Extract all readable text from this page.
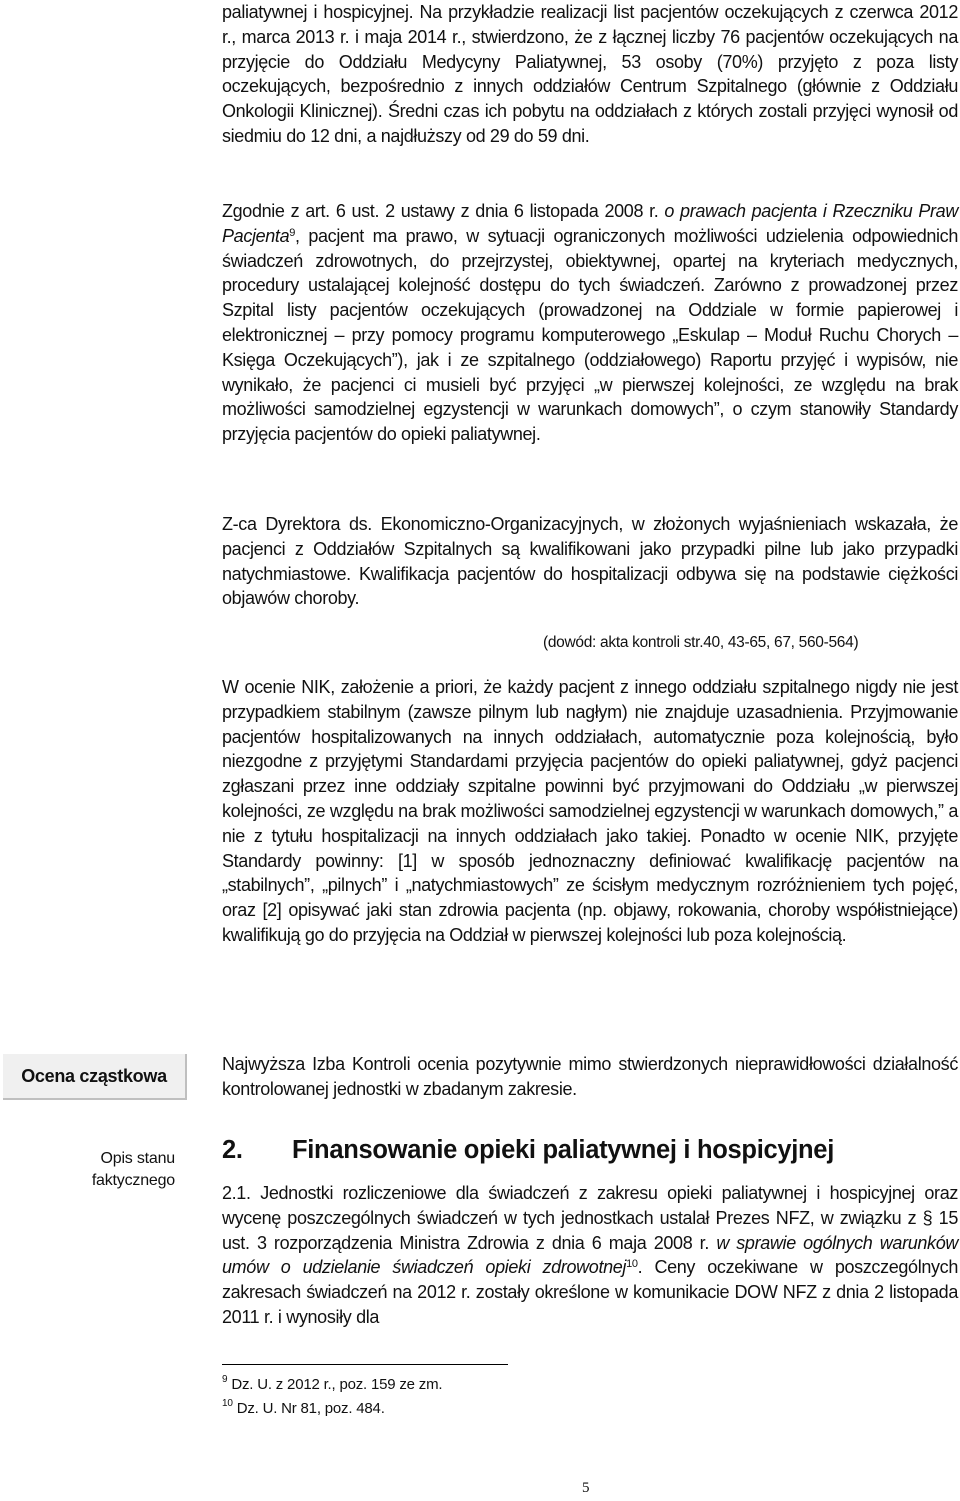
paliatywnej i hospicyjnej. Na przykładzie realizacji list pacjentów oczekujących z czerwca 2012 r., marca 2013 r. i maja 2014 r., stwierdzono, że z łącznej liczby 76 pacjentów oczekujących na przyjęcie do Oddziału Medycyny Paliatywnej, 53 osoby (70%) przyjęto z poza listy oczekujących, bezpośrednio z innych oddziałów Centrum Szpitalnego (głównie z Oddziału Onkologii Klinicznej). Średni czas ich pobytu na oddziałach z których zostali przyjęci wynosił od siedmiu do 12 dni, a najdłuższy od 29 do 59 dni.

Zgodnie z art. 6 ust. 2 ustawy z dnia 6 listopada 2008 r. o prawach pacjenta i Rzeczniku Praw Pacjenta$^9$, pacjent ma prawo, w sytuacji ograniczonych możliwości udzielenia odpowiednich świadczeń zdrowotnych, do przejrzystej, obiektywnej, opartej na kryteriach medycznych, procedury ustalającej kolejność dostępu do tych świadczeń. Zarówno z prowadzonej przez Szpital listy pacjentów oczekujących (prowadzonej na Oddziale w formie papierowej i elektronicznej – przy pomocy programu komputerowego „Eskulap – Moduł Ruchu Chorych – Księga Oczekujących”), jak i ze szpitalnego (oddziałowego) Raportu przyjęć i wypisów, nie wynikało, że pacjenci ci musieli być przyjęci „w pierwszej kolejności, ze względu na brak możliwości samodzielnej egzystencji w warunkach domowych”, o czym stanowiły Standardy przyjęcia pacjentów do opieki paliatywnej.

Z-ca Dyrektora ds. Ekonomiczno-Organizacyjnych, w złożonych wyjaśnieniach wskazała, że pacjenci z Oddziałów Szpitalnych są kwalifikowani jako przypadki pilne lub jako przypadki natychmiastowe. Kwalifikacja pacjentów do hospitalizacji odbywa się na podstawie ciężkości objawów choroby.

(dowód: akta kontroli str.40, 43-65, 67, 560-564)

W ocenie NIK, założenie a priori, że każdy pacjent z innego oddziału szpitalnego nigdy nie jest przypadkiem stabilnym (zawsze pilnym lub nagłym) nie znajduje uzasadnienia. Przyjmowanie pacjentów hospitalizowanych na innych oddziałach, automatycznie poza kolejnością, było niezgodne z przyjętymi Standardami przyjęcia pacjentów do opieki paliatywnej, gdyż pacjenci zgłaszani przez inne oddziały szpitalne powinni być przyjmowani do Oddziału „w pierwszej kolejności, ze względu na brak możliwości samodzielnej egzystencji w warunkach domowych,” a nie z tytułu hospitalizacji na innych oddziałach jako takiej. Ponadto w ocenie NIK, przyjęte Standardy powinny: [1] w sposób jednoznaczny definiować kwalifikację pacjentów na „stabilnych”, „pilnych” i „natychmiastowych” ze ścisłym medycznym rozróżnieniem tych pojęć, oraz [2] opisywać jaki stan zdrowia pacjenta (np. objawy, rokowania, choroby współistniejące) kwalifikują go do przyjęcia na Oddział w pierwszej kolejności lub poza kolejnością.

Ocena cząstkowa

Najwyższa Izba Kontroli ocenia pozytywnie mimo stwierdzonych nieprawidłowości działalność kontrolowanej jednostki w zbadanym zakresie.

2. Finansowanie opieki paliatywnej i hospicyjnej
Opis stanu
faktycznego

2.1. Jednostki rozliczeniowe dla świadczeń z zakresu opieki paliatywnej i hospicyjnej oraz wycenę poszczególnych świadczeń w tych jednostkach ustalał Prezes NFZ, w związku z § 15 ust. 3 rozporządzenia Ministra Zdrowia z dnia 6 maja 2008 r. w sprawie ogólnych warunków umów o udzielanie świadczeń opieki zdrowotnej$^{10}$. Ceny oczekiwane w poszczególnych zakresach świadczeń na 2012 r. zostały określone w komunikacie DOW NFZ z dnia 2 listopada 2011 r. i wynosiły dla

$^9$ Dz. U. z 2012 r., poz. 159 ze zm.
$^{10}$ Dz. U. Nr 81, poz. 484.
5
